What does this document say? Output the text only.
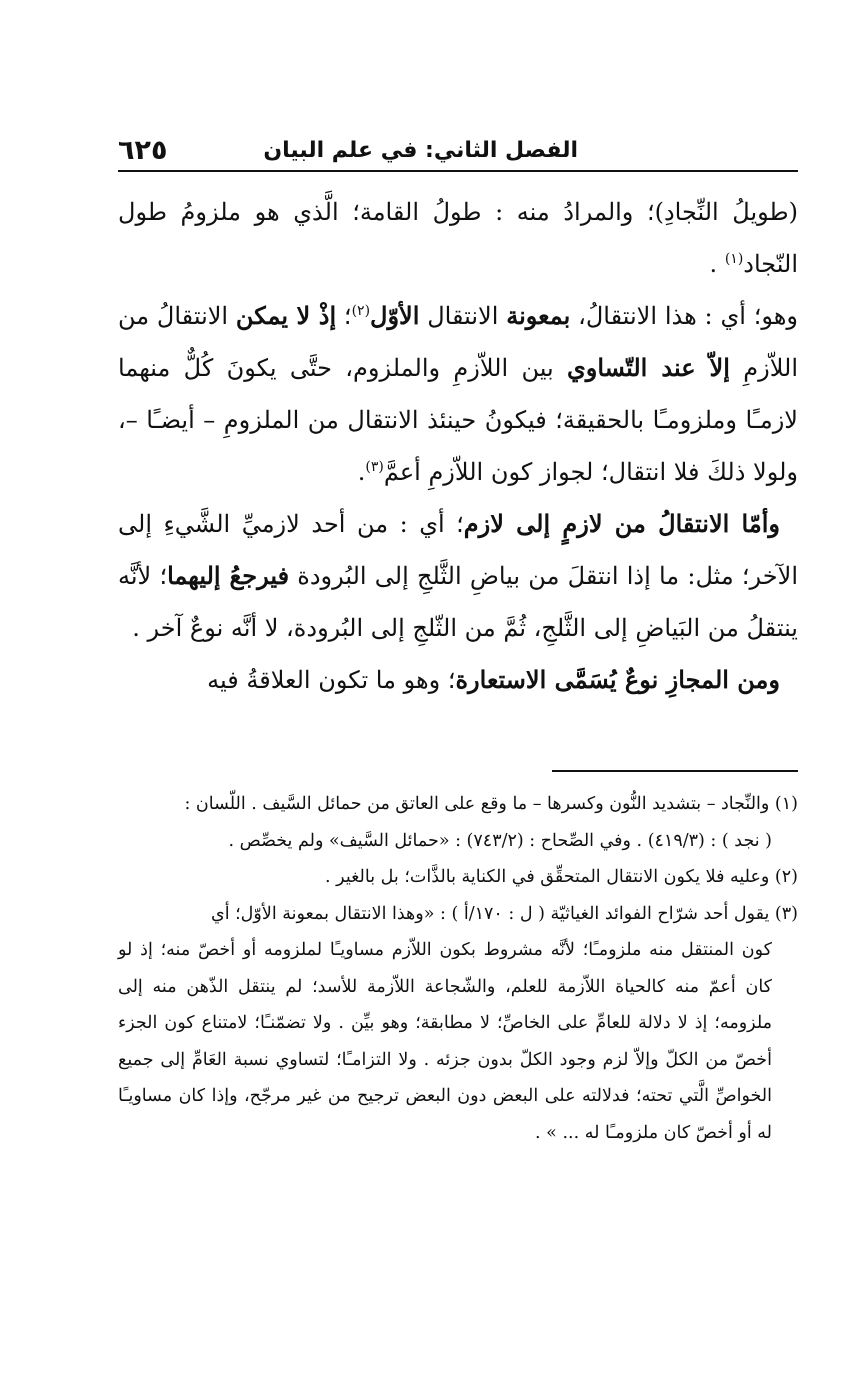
الفصل الثاني: في علم البيان
٦٢٥

(طويلُ النِّجادِ)؛ والمرادُ منه : طولُ القامة؛ الَّذي هو ملزومُ طول النّجاد$^{(١)}$ .

وهو؛ أي : هذا الانتقالُ، بمعونة الانتقال الأوّل$^{(٢)}$؛ إذْ لا يمكن الانتقالُ من اللاّزمِ إلاّ عند التّساوي بين اللاّزمِ والملزوم، حتَّى يكونَ كُلٌّ منهما لازمـًا وملزومـًا بالحقيقة؛ فيكونُ حينئذ الانتقال من الملزومِ – أيضـًا –، ولولا ذلكَ فلا انتقال؛ لجواز كون اللاّزمِ أعمَّ$^{(٣)}$.

وأمّا الانتقالُ من لازمٍ إلى لازم؛ أي : من أحد لازميِّ الشَّيءِ إلى الآخر؛ مثل: ما إذا انتقلَ من بياضِ الثَّلجِ إلى البُرودة فيرجعُ إليهما؛ لأنَّه ينتقلُ من البَياضِ إلى الثَّلجِ، ثُمَّ من الثّلجِ إلى البُرودة، لا أنَّه نوعٌ آخر .

ومن المجازِ نوعٌ يُسَمَّى الاستعارة؛ وهو ما تكون العلاقةُ فيه

(١) والنِّجاد – بتشديد النُّون وكسرها – ما وقع على العاتق من حمائل السَّيف . اللّسان :
( نجد ) : (٤١٩/٣) . وفي الصِّحاح : (٧٤٣/٢) : «حمائل السَّيف» ولم يخصِّص .

(٢) وعليه فلا يكون الانتقال المتحقِّق في الكناية بالذَّات؛ بل بالغير .

(٣) يقول أحد شرّاح الفوائد الغياثيّة ( ل : ١٧٠/أ ) : «وهذا الانتقال بمعونة الأوّل؛ أي

كون المنتقل منه ملزومـًا؛ لأنَّه مشروط بكون اللاّزم مساويـًا لملزومه أو أخصّ منه؛ إذ لو كان أعمّ منه كالحياة اللاّزمة للعلم، والشّجاعة اللاّزمة للأسد؛ لم ينتقل الذّهن منه إلى ملزومه؛ إذ لا دلالة للعامِّ على الخاصِّ؛ لا مطابقة؛ وهو بيِّن . ولا تضمّنـًا؛ لامتناع كون الجزء أخصّ من الكلّ وإلاّ لزم وجود الكلّ بدون جزئه . ولا التزامـًا؛ لتساوي نسبة العَامِّ إلى جميع الخواصِّ الَّتي تحته؛ فدلالته على البعض دون البعض ترجيح من غير مرجّح، وإذا كان مساويـًا له أو أخصّ كان ملزومـًا له ... » .
